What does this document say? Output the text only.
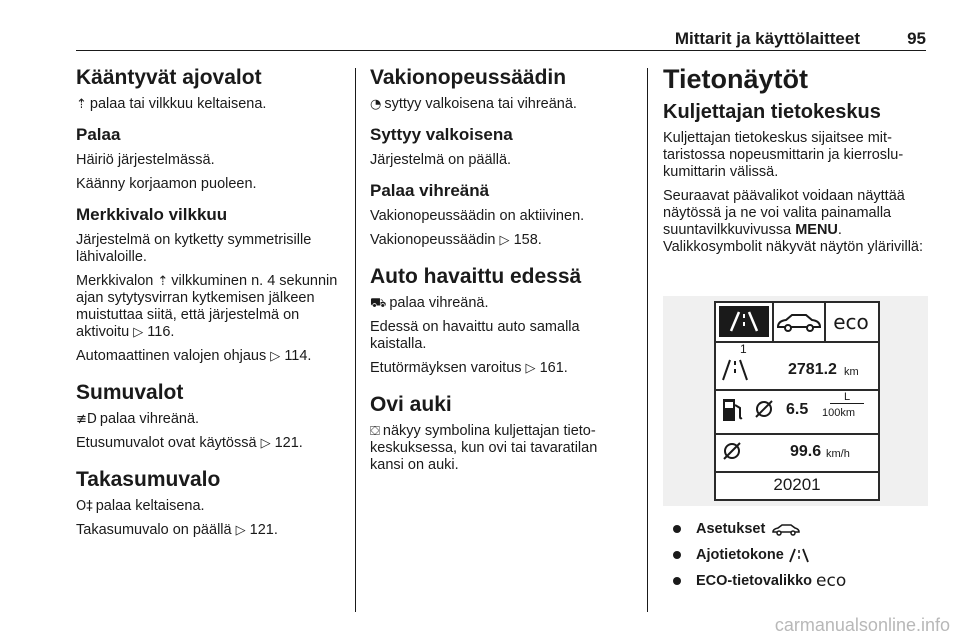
Mittarit ja käyttölaitteet	95
Kääntyvät ajovalot

⇡ palaa tai vilkkuu keltaisena.

Palaa

Häiriö järjestelmässä.

Käänny korjaamon puoleen.

Merkkivalo vilkkuu

Järjestelmä on kytketty symmetrisille lähivaloille.

Merkkivalon ⇡ vilkkuminen n. 4 sekunnin ajan sytytysvirran kytkemisen jälkeen muistuttaa siitä, että järjestelmä on aktivoitu ▷ 116.

Automaattinen valojen ohjaus ▷ 114.

Sumuvalot

≢D palaa vihreänä.

Etusumuvalot ovat käytössä ▷ 121.

Takasumuvalo

O‡ palaa keltaisena.

Takasumuvalo on päällä ▷ 121.

Vakionopeussäädin

◔ syttyy valkoisena tai vihreänä.

Syttyy valkoisena

Järjestelmä on päällä.

Palaa vihreänä

Vakionopeussäädin on aktiivinen.

Vakionopeussäädin ▷ 158.

Auto havaittu edessä

⛟ palaa vihreänä.

Edessä on havaittu auto samalla kaistalla.

Etutörmäyksen varoitus ▷ 161.

Ovi auki

⛋ näkyy symbolina kuljettajan tietokeskuksessa, kun ovi tai tavaratilan kansi on auki.

Tietonäytöt
Kuljettajan tietokeskus

Kuljettajan tietokeskus sijaitsee mittaristossa nopeusmittarin ja kierroslukumittarin välissä.

Seuraavat päävalikot voidaan näyttää näytössä ja ne voi valita painamalla suuntavilkkuvivussa MENU. Valikkosymbolit näkyvät näytön ylärivillä:

eco
1
2781.2 km
6.5
L
100km
99.6 km/h
20201
Asetukset
Ajotietokone
ECO-tietovalikko eco
carmanualsonline.info
